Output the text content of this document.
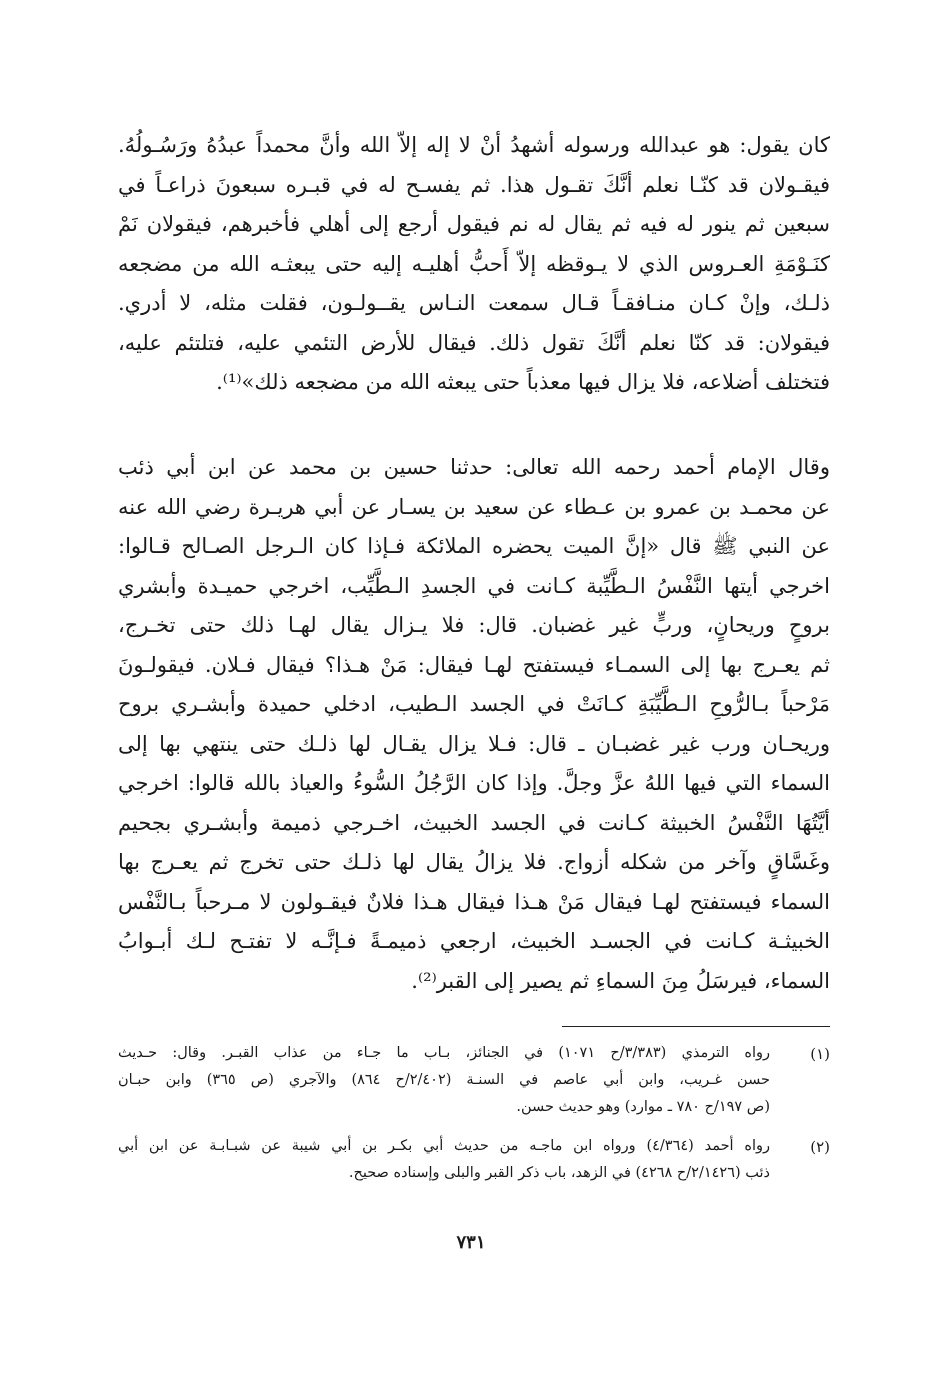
كان يقول: هو عبدالله ورسوله أشهدُ أنْ لا إله إلاّ الله وأنَّ محمداً عبدُهُ ورَسُـولُهُ.
فيقـولان قد كنّـا نعلم أنَّكَ تقـول هذا. ثم يفسـح له في قبـره سبعونَ ذراعـاً في
سبعين ثم ينور له فيه ثم يقال له نم فيقول أرجع إلى أهلي فأخبرهم، فيقولان نَمْ
كنَـوْمَةِ العـروس الذي لا يـوقظه إلاّ أَحبُّ أهليـه إليه حتى يبعثـه الله من مضجعه
ذلـك، وإنْ كـان منـافقـاً قـال سمعت النـاس يقــولـون، فقلت مثله، لا أدري.
فيقولان: قد كنّا نعلم أنَّكَ تقول ذلك. فيقال للأرض التئمي عليه، فتلتئم عليه،
فتختلف أضلاعه، فلا يزال فيها معذباً حتى يبعثه الله من مضجعه ذلك»⁽¹⁾.
وقال الإمام أحمد رحمه الله تعالى: حدثنا حسين بن محمد عن ابن أبي ذئب
عن محمـد بن عمرو بن عـطاء عن سعيد بن يسـار عن أبي هريـرة رضي الله عنه
عن النبي ﷺ قال «إنَّ الميت يحضره الملائكة فـإذا كان الـرجل الصـالح قـالوا:
اخرجي أيتها النَّفْسُ الـطَّيِّبة كـانت في الجسدِ الـطَّيِّب، اخرجي حميـدة وأبشري
بروحٍ وريحانٍ، وربٍّ غير غضبان. قال: فلا يـزال يقال لهـا ذلك حتى تخـرج،
ثم يعـرج بها إلى السمـاء فيستفتح لهـا فيقال: مَنْ هـذا؟ فيقال فـلان. فيقولـونَ
مَرْحباً بـالرُّوحِ الـطَّيِّبَةِ كـانَتْ في الجسد الـطيب، ادخلي حميدة وأبشـري بروح
وريحـان ورب غير غضبـان ـ قال: فـلا يزال يقـال لها ذلـك حتى ينتهي بها إلى
السماء التي فيها اللهُ عزَّ وجلَّ. وإذا كان الرَّجُلُ السُّوءُ والعياذ بالله قالوا: اخرجي
أيَّتُهَا النَّفْسُ الخبيثة كـانت في الجسد الخبيث، اخـرجي ذميمة وأبشـري بجحيم
وغَسَّاقٍ وآخر من شكله أزواج. فلا يزالُ يقال لها ذلـك حتى تخرج ثم يعـرج بها
السماء فيستفتح لهـا فيقال مَنْ هـذا فيقال هـذا فلانٌ فيقـولون لا مـرحباً بـالنَّفْس
الخبيثـة كـانت في الجسـد الخبيث، ارجعي ذميمـةً فـإنَّـه لا تفتـح لـك أبـوابُ
السماء، فيرسَلُ مِنَ السماءِ ثم يصير إلى القبر⁽²⁾.
(١)
رواه الترمذي (٣/٣٨٣/ح ١٠٧١) في الجنائز، بـاب ما جـاء من عذاب القبـر. وقال: حـديث
حسن غـريب، وابن أبي عاصم في السنـة (٢/٤٠٢/ح ٨٦٤) والآجري (ص ٣٦٥) وابن حبـان
(ص ١٩٧/ح ٧٨٠ ـ موارد) وهو حديث حسن.
(٢)
رواه أحمد (٤/٣٦٤) ورواه ابن ماجـه من حديث أبي بكـر بن أبي شيبة عن شبـابـة عن ابن أبي
ذئب (٢/١٤٢٦/ح ٤٢٦٨) في الزهد، باب ذكر القبر والبلى وإسناده صحيح.
٧٣١
